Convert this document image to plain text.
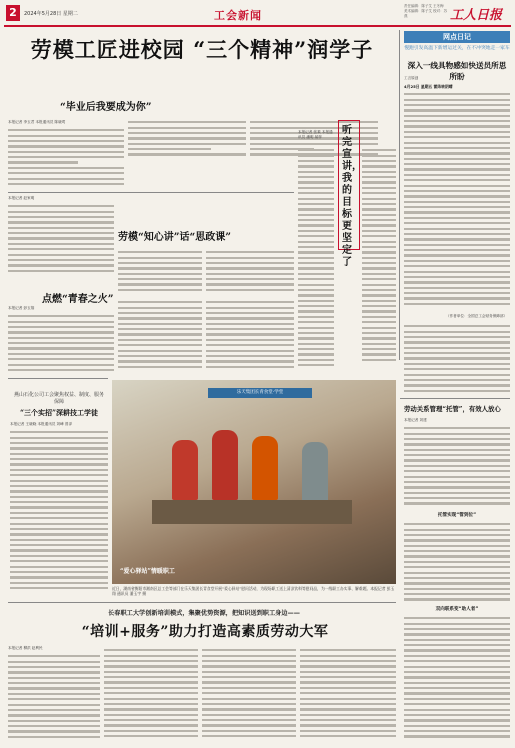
2	2024年5月28日 星期二	工会新闻
责任编辑：陈子艾 王冬梅 美术编辑：陈子艾 校对：苏燕	工人日报
劳模工匠进校园 “三个精神”润学子
“毕业后我要成为你”
本报记者 李玉君 本报通讯员 陈晓莺
听完宣讲，我的目标更坚定了
本报记者 张乘 本报通讯员 潘明 郝梓
本报记者 赵家明
劳模“知心讲”话“思政课”
点燃“青春之火”
本报记者 彭玉翔
网点日记
慢跑引发高温下新增运过关，在不冲突地走一家车
深入一线具物感如快送员所思所盼
工言原创
4月25日 星期五 雷阵转阴晴
（作者单位：全国总工会财务保障部）
燕山石化公司工会聚焦权益、制度、服务保障
“三个实招”深耕技工学徒
本报记者 王晓晓 本报通讯员 刘峰 曾泽
乐天集团长青食堂·学堂
“爱心驿站”情暖职工
近日，湖南省衡阳市湘南区总工会等部门在乐天集团长青食堂开展“爱心驿站”慰问活动，为现场职工送上清凉饮料等慰问品，为一线职工办实事、解难题。本报记者 彭玉翔 通讯员 潘玉宇 摄
劳动关系管理“托管”，有效人放心
本报记者 刘建
托管实现“管到位”
双向联系变“助人者”
长春职工大学创新培训模式，集聚优势资源，把知识送到职工身边——
“培训+服务”助力打造高素质劳动大军
本报记者 柳洪 赵利民
